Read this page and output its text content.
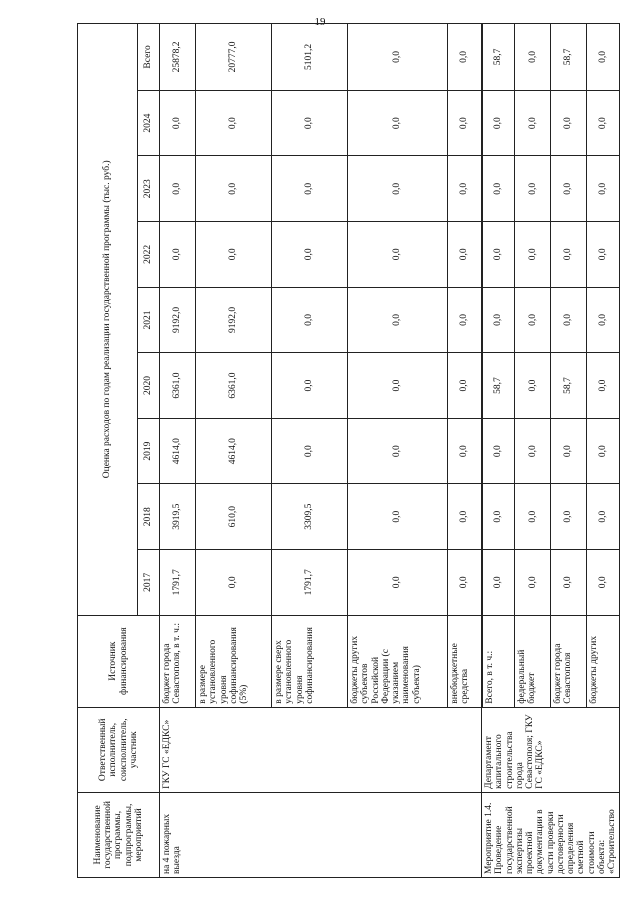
19
Наименование государственной программы, подпрограммы, мероприятий	Ответственный исполнитель, соисполнитель, участник	Источник финансирования	Оценка расходов по годам реализации государственной программы (тыс. руб.)								
			2017	2018	2019	2020	2021	2022	2023	2024	Всего
на 4 пожарных выезда	ГКУ ГС «ЕДКС»	бюджет города Севастополя, в т. ч.:	1791,7	3919,5	4614,0	6361,0	9192,0	0,0	0,0	0,0	25878,2
		в размере установленного уровня софинансирования (5%)	0,0	610,0	4614,0	6361,0	9192,0	0,0	0,0	0,0	20777,0
		в размере сверх установленного уровня софинансирования	1791,7	3309,5	0,0	0,0	0,0	0,0	0,0	0,0	5101,2
		бюджеты других субъектов Российской Федерации (с указанием наименования субъекта)	0,0	0,0	0,0	0,0	0,0	0,0	0,0	0,0	0,0
		внебюджетные средства	0,0	0,0	0,0	0,0	0,0	0,0	0,0	0,0	0,0
Мероприятие 1.4. Проведение государственной экспертизы проектной документации в части проверки достоверности определения сметной стоимости объекта: «Строительство	Департамент капитального строительства города Севастополя; ГКУ ГС «ЕДКС»	Всего, в т. ч.:	0,0	0,0	0,0	58,7	0,0	0,0	0,0	0,0	58,7
		федеральный бюджет	0,0	0,0	0,0	0,0	0,0	0,0	0,0	0,0	0,0
		бюджет города Севастополя	0,0	0,0	0,0	58,7	0,0	0,0	0,0	0,0	58,7
		бюджеты других	0,0	0,0	0,0	0,0	0,0	0,0	0,0	0,0	0,0
